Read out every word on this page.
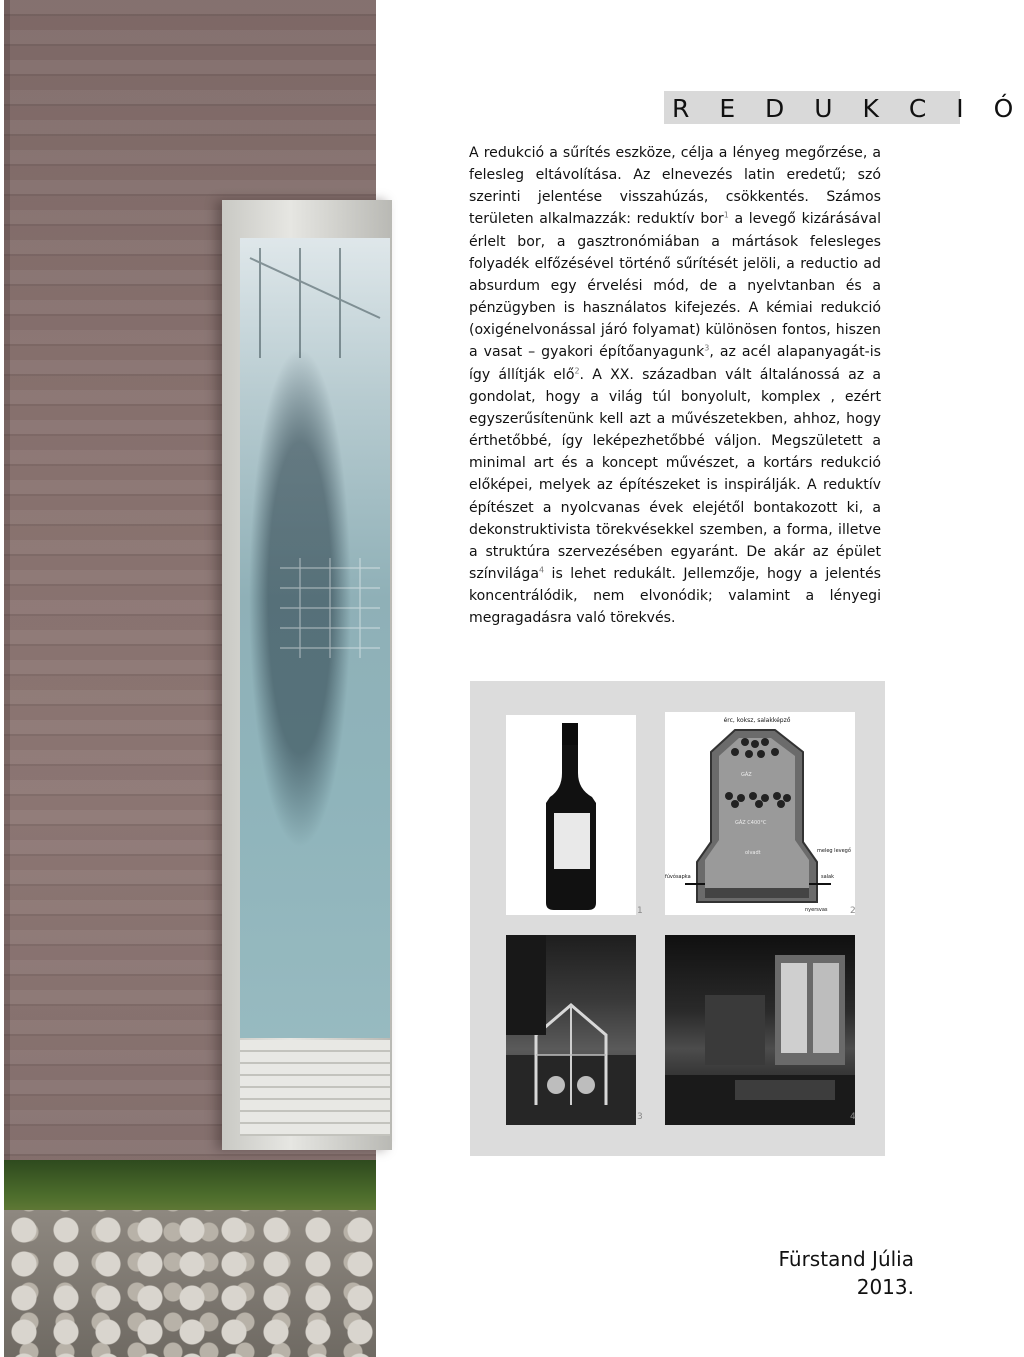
R E D U K C I Ó

A redukció a sűrítés eszköze, célja a lényeg megőrzése, a felesleg eltávolítása. Az elnevezés latin eredetű; szó szerinti jelentése visszahúzás, csökkentés. Számos területen alkalmazzák: reduktív bor$^1$ a levegő kizárásával érlelt bor, a gasztronómiában a mártások felesleges folyadék elfőzésével történő sűrítését jelöli, a reductio ad absurdum egy érvelési mód, de a nyelvtanban és a pénzügyben is használatos kifejezés. A kémiai redukció (oxigénelvonással járó folyamat) különösen fontos, hiszen a vasat – gyakori építőanyagunk$^3$, az acél alapanyagát-is így állítják elő$^2$. A XX. században vált általánossá az a gondolat, hogy a világ túl bonyolult, komplex , ezért egyszerűsítenünk kell azt a művészetekben, ahhoz, hogy érthetőbbé, így leképezhetőbbé váljon. Megszületett a minimal art és a koncept művészet, a kortárs redukció előképei, melyek az építészeket is inspirálják. A reduktív építészet a nyolcvanas évek elejétől bontakozott ki, a dekonstruktivista törekvésekkel szemben, a forma, illetve a struktúra szervezésében egyaránt. De akár az épület színvilága$^4$ is lehet redukált. Jellemzője, hogy a jelentés koncentrálódik, nem elvonódik; valamint a lényegi megragadásra való törekvés.

1
érc, koksz, salakképző
GÁZ
GÁZ C400°C
olvadt	meleg levegő
fúvósapka	salak
nyersvas	2
3	4
Fürstand Júlia
2013.
